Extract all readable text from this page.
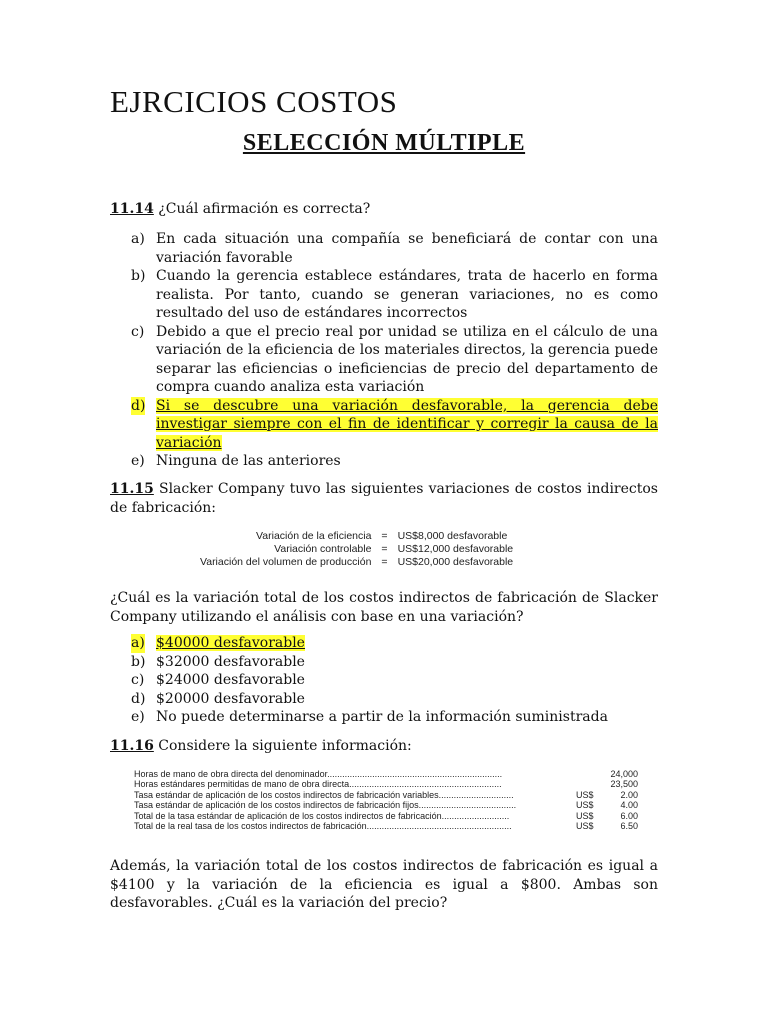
EJRCICIOS COSTOS
SELECCIÓN MÚLTIPLE
11.14 ¿Cuál afirmación es correcta?
a) En cada situación una compañía se beneficiará de contar con una variación favorable
b) Cuando la gerencia establece estándares, trata de hacerlo en forma realista. Por tanto, cuando se generan variaciones, no es como resultado del uso de estándares incorrectos
c) Debido a que el precio real por unidad se utiliza en el cálculo de una variación de la eficiencia de los materiales directos, la gerencia puede separar las eficiencias o ineficiencias de precio del departamento de compra cuando analiza esta variación
d) Si se descubre una variación desfavorable, la gerencia debe investigar siempre con el fin de identificar y corregir la causa de la variación
e) Ninguna de las anteriores
11.15 Slacker Company tuvo las siguientes variaciones de costos indirectos de fabricación:
Variación de la eficiencia	=	US$8,000 desfavorable
Variación controlable	=	US$12,000 desfavorable
Variación del volumen de producción	=	US$20,000 desfavorable
¿Cuál es la variación total de los costos indirectos de fabricación de Slacker Company utilizando el análisis con base en una variación?
a) $40000 desfavorable
b) $32000 desfavorable
c) $24000 desfavorable
d) $20000 desfavorable
e) No puede determinarse a partir de la información suministrada
11.16 Considere la siguiente información:
Horas de mano de obra directa del denominador......................................................................		24,000
Horas estándares permitidas de mano de obra directa.............................................................		23,500
Tasa estándar de aplicación de los costos indirectos de fabricación variables..............................	US$	2.00
Tasa estándar de aplicación de los costos indirectos de fabricación fijos.......................................	US$	4.00
Total de la tasa estándar de aplicación de los costos indirectos de fabricación...........................	US$	6.00
Total de la real tasa de los costos indirectos de fabricación..........................................................	US$	6.50
Además, la variación total de los costos indirectos de fabricación es igual a $4100 y la variación de la eficiencia es igual a $800. Ambas son desfavorables. ¿Cuál es la variación del precio?
